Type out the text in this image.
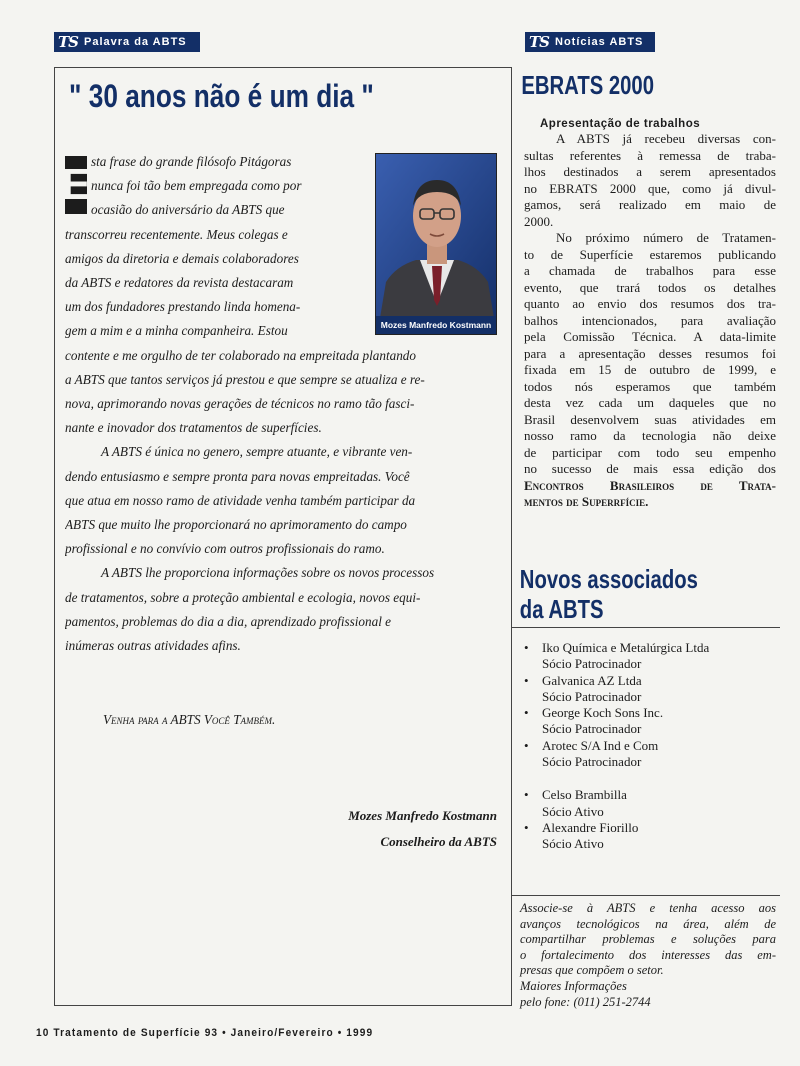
TS Palavra da ABTS	TS Notícias ABTS
" 30 anos não é um dia "
E
Mozes Manfredo Kostmann
sta frase do grande filósofo Pitágoras
nunca foi tão bem empregada como por
ocasião do aniversário da ABTS que
transcorreu recentemente. Meus colegas e
amigos da diretoria e demais colaboradores
da ABTS e redatores da revista destacaram
um dos fundadores prestando linda homena-
gem a mim e a minha companheira. Estou
contente e me orgulho de ter colaborado na empreitada plantando
a ABTS que tantos serviços já prestou e que sempre se atualiza e re-
nova, aprimorando novas gerações de técnicos no ramo tão fasci-
nante e inovador dos tratamentos de superfícies.
A ABTS é única no genero, sempre atuante, e vibrante ven-
dendo entusiasmo e sempre pronta para novas empreitadas. Você
que atua em nosso ramo de atividade venha também participar da
ABTS que muito lhe proporcionará no aprimoramento do campo
profissional e no convívio com outros profissionais do ramo.
A ABTS lhe proporciona informações sobre os novos processos
de tratamentos, sobre a proteção ambiental e ecologia, novos equi-
pamentos, problemas do dia a dia, aprendizado profissional e
inúmeras outras atividades afins.
Venha para a ABTS Você Também.
Mozes Manfredo Kostmann
Conselheiro da ABTS
EBRATS 2000
Apresentação de trabalhos
A ABTS já recebeu diversas con-
sultas referentes à remessa de traba-
lhos destinados a serem apresentados
no EBRATS 2000 que, como já divul-
gamos, será realizado em maio de
2000.
No próximo número de Tratamen-
to de Superfície estaremos publicando
a chamada de trabalhos para esse
evento, que trará todos os detalhes
quanto ao envio dos resumos dos tra-
balhos intencionados, para avaliação
pela Comissão Técnica. A data-limite
para a apresentação desses resumos foi
fixada em 15 de outubro de 1999, e
todos nós esperamos que também
desta vez cada um daqueles que no
Brasil desenvolvem suas atividades em
nosso ramo da tecnologia não deixe
de participar com todo seu empenho
no sucesso de mais essa edição dos
Encontros Brasileiros de Trata-
mentos de Superrfície.
Novos associados
da ABTS
• Iko Química e Metalúrgica Ltda
Sócio Patrocinador
• Galvanica AZ Ltda
Sócio Patrocinador
• George Koch Sons Inc.
Sócio Patrocinador
• Arotec S/A Ind e Com
Sócio Patrocinador
• Celso Brambilla
Sócio Ativo
• Alexandre Fiorillo
Sócio Ativo
Associe-se à ABTS e tenha acesso aos
avanços tecnológicos na área, além de
compartilhar problemas e soluções para
o fortalecimento dos interesses das em-
presas que compõem o setor.
Maiores Informações
pelo fone: (011) 251-2744
10 Tratamento de Superfície 93 • Janeiro/Fevereiro • 1999
